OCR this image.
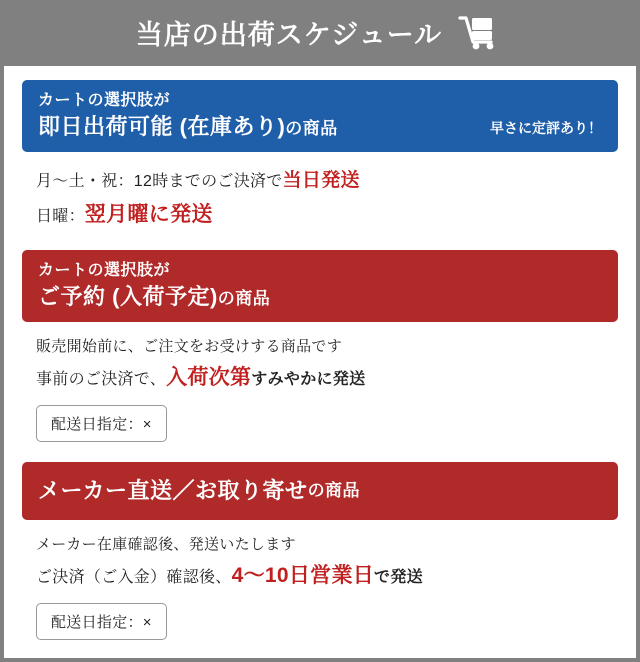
当店の出荷スケジュール
カートの選択肢が
即日出荷可能 (在庫あり)の商品	早さに定評あり！
月〜土・祝：12時までのご決済で当日発送
日曜：翌月曜に発送
カートの選択肢が
ご予約 (入荷予定)の商品
販売開始前に、ご注文をお受けする商品です
事前のご決済で、入荷次第すみやかに発送
配送日指定：×
メーカー直送／お取り寄せ の商品
メーカー在庫確認後、発送いたします
ご決済（ご入金）確認後、4〜10日営業日で発送
配送日指定：×
